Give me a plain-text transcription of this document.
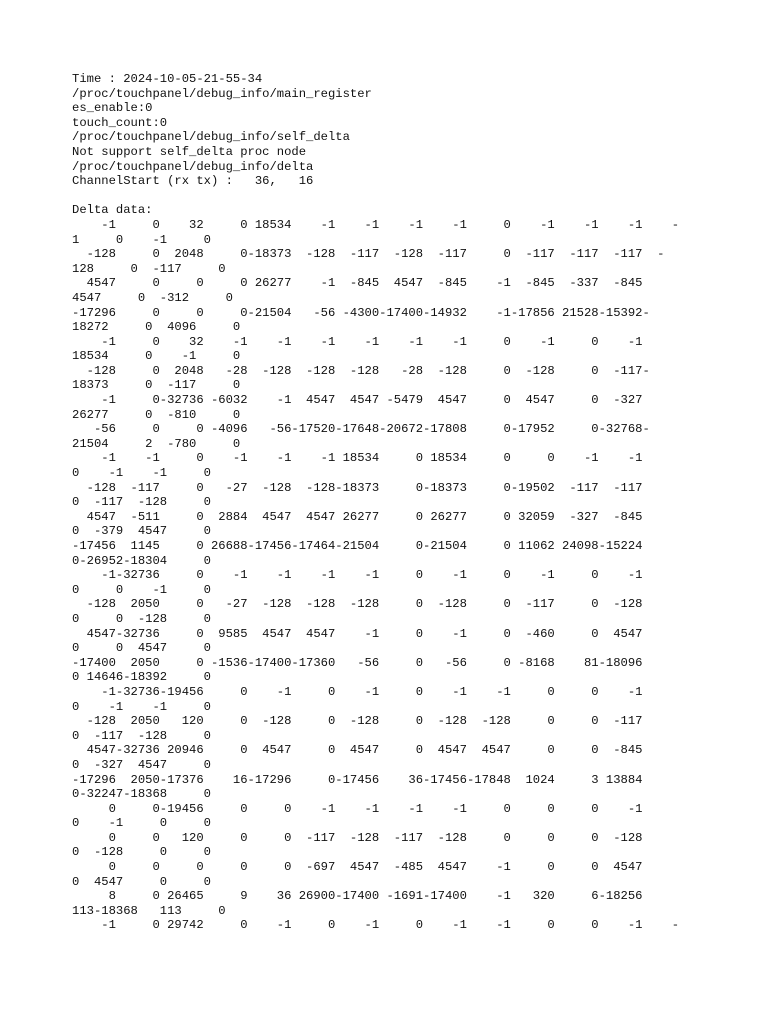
Time : 2024-10-05-21-55-34
/proc/touchpanel/debug_info/main_register
es_enable:0
touch_count:0
/proc/touchpanel/debug_info/self_delta
Not support self_delta proc node
/proc/touchpanel/debug_info/delta
ChannelStart (rx tx) :   36,   16
Delta data:
-1     0    32     0 18534    -1    -1    -1    -1     0    -1    -1    -1    -
1     0    -1     0
-128     0  2048     0-18373  -128  -117  -128  -117     0  -117  -117  -117  -
128     0  -117     0
4547     0     0     0 26277    -1  -845  4547  -845    -1  -845  -337  -845
4547     0  -312     0
-17296     0     0     0-21504   -56 -4300-17400-14932    -1-17856 21528-15392-
18272     0  4096     0
-1     0    32    -1    -1    -1    -1    -1    -1     0    -1     0    -1
18534     0    -1     0
-128     0  2048   -28  -128  -128  -128   -28  -128     0  -128     0  -117-
18373     0  -117     0
-1     0-32736 -6032    -1  4547  4547 -5479  4547     0  4547     0  -327
26277     0  -810     0
-56     0     0 -4096   -56-17520-17648-20672-17808     0-17952     0-32768-
21504     2  -780     0
-1    -1     0    -1    -1    -1 18534     0 18534     0     0    -1    -1
0    -1    -1     0
-128  -117     0   -27  -128  -128-18373     0-18373     0-19502  -117  -117
0  -117  -128     0
4547  -511     0  2884  4547  4547 26277     0 26277     0 32059  -327  -845
0  -379  4547     0
-17456  1145     0 26688-17456-17464-21504     0-21504     0 11062 24098-15224
0-26952-18304     0
-1-32736     0    -1    -1    -1    -1     0    -1     0    -1     0    -1
0     0    -1     0
-128  2050     0   -27  -128  -128  -128     0  -128     0  -117     0  -128
0     0  -128     0
4547-32736     0  9585  4547  4547    -1     0    -1     0  -460     0  4547
0     0  4547     0
-17400  2050     0 -1536-17400-17360   -56     0   -56     0 -8168    81-18096
0 14646-18392     0
-1-32736-19456     0    -1     0    -1     0    -1    -1     0     0    -1
0    -1    -1     0
-128  2050   120     0  -128     0  -128     0  -128  -128     0     0  -117
0  -117  -128     0
4547-32736 20946     0  4547     0  4547     0  4547  4547     0     0  -845
0  -327  4547     0
-17296  2050-17376    16-17296     0-17456    36-17456-17848  1024     3 13884
0-32247-18368     0
0     0-19456     0     0    -1    -1    -1    -1     0     0     0    -1
0    -1     0     0
0     0   120     0     0  -117  -128  -117  -128     0     0     0  -128
0  -128     0     0
0     0     0     0     0  -697  4547  -485  4547    -1     0     0  4547
0  4547     0     0
8     0 26465     9    36 26900-17400 -1691-17400    -1   320     6-18256
113-18368   113     0
-1     0 29742     0    -1     0    -1     0    -1    -1     0     0    -1    -
